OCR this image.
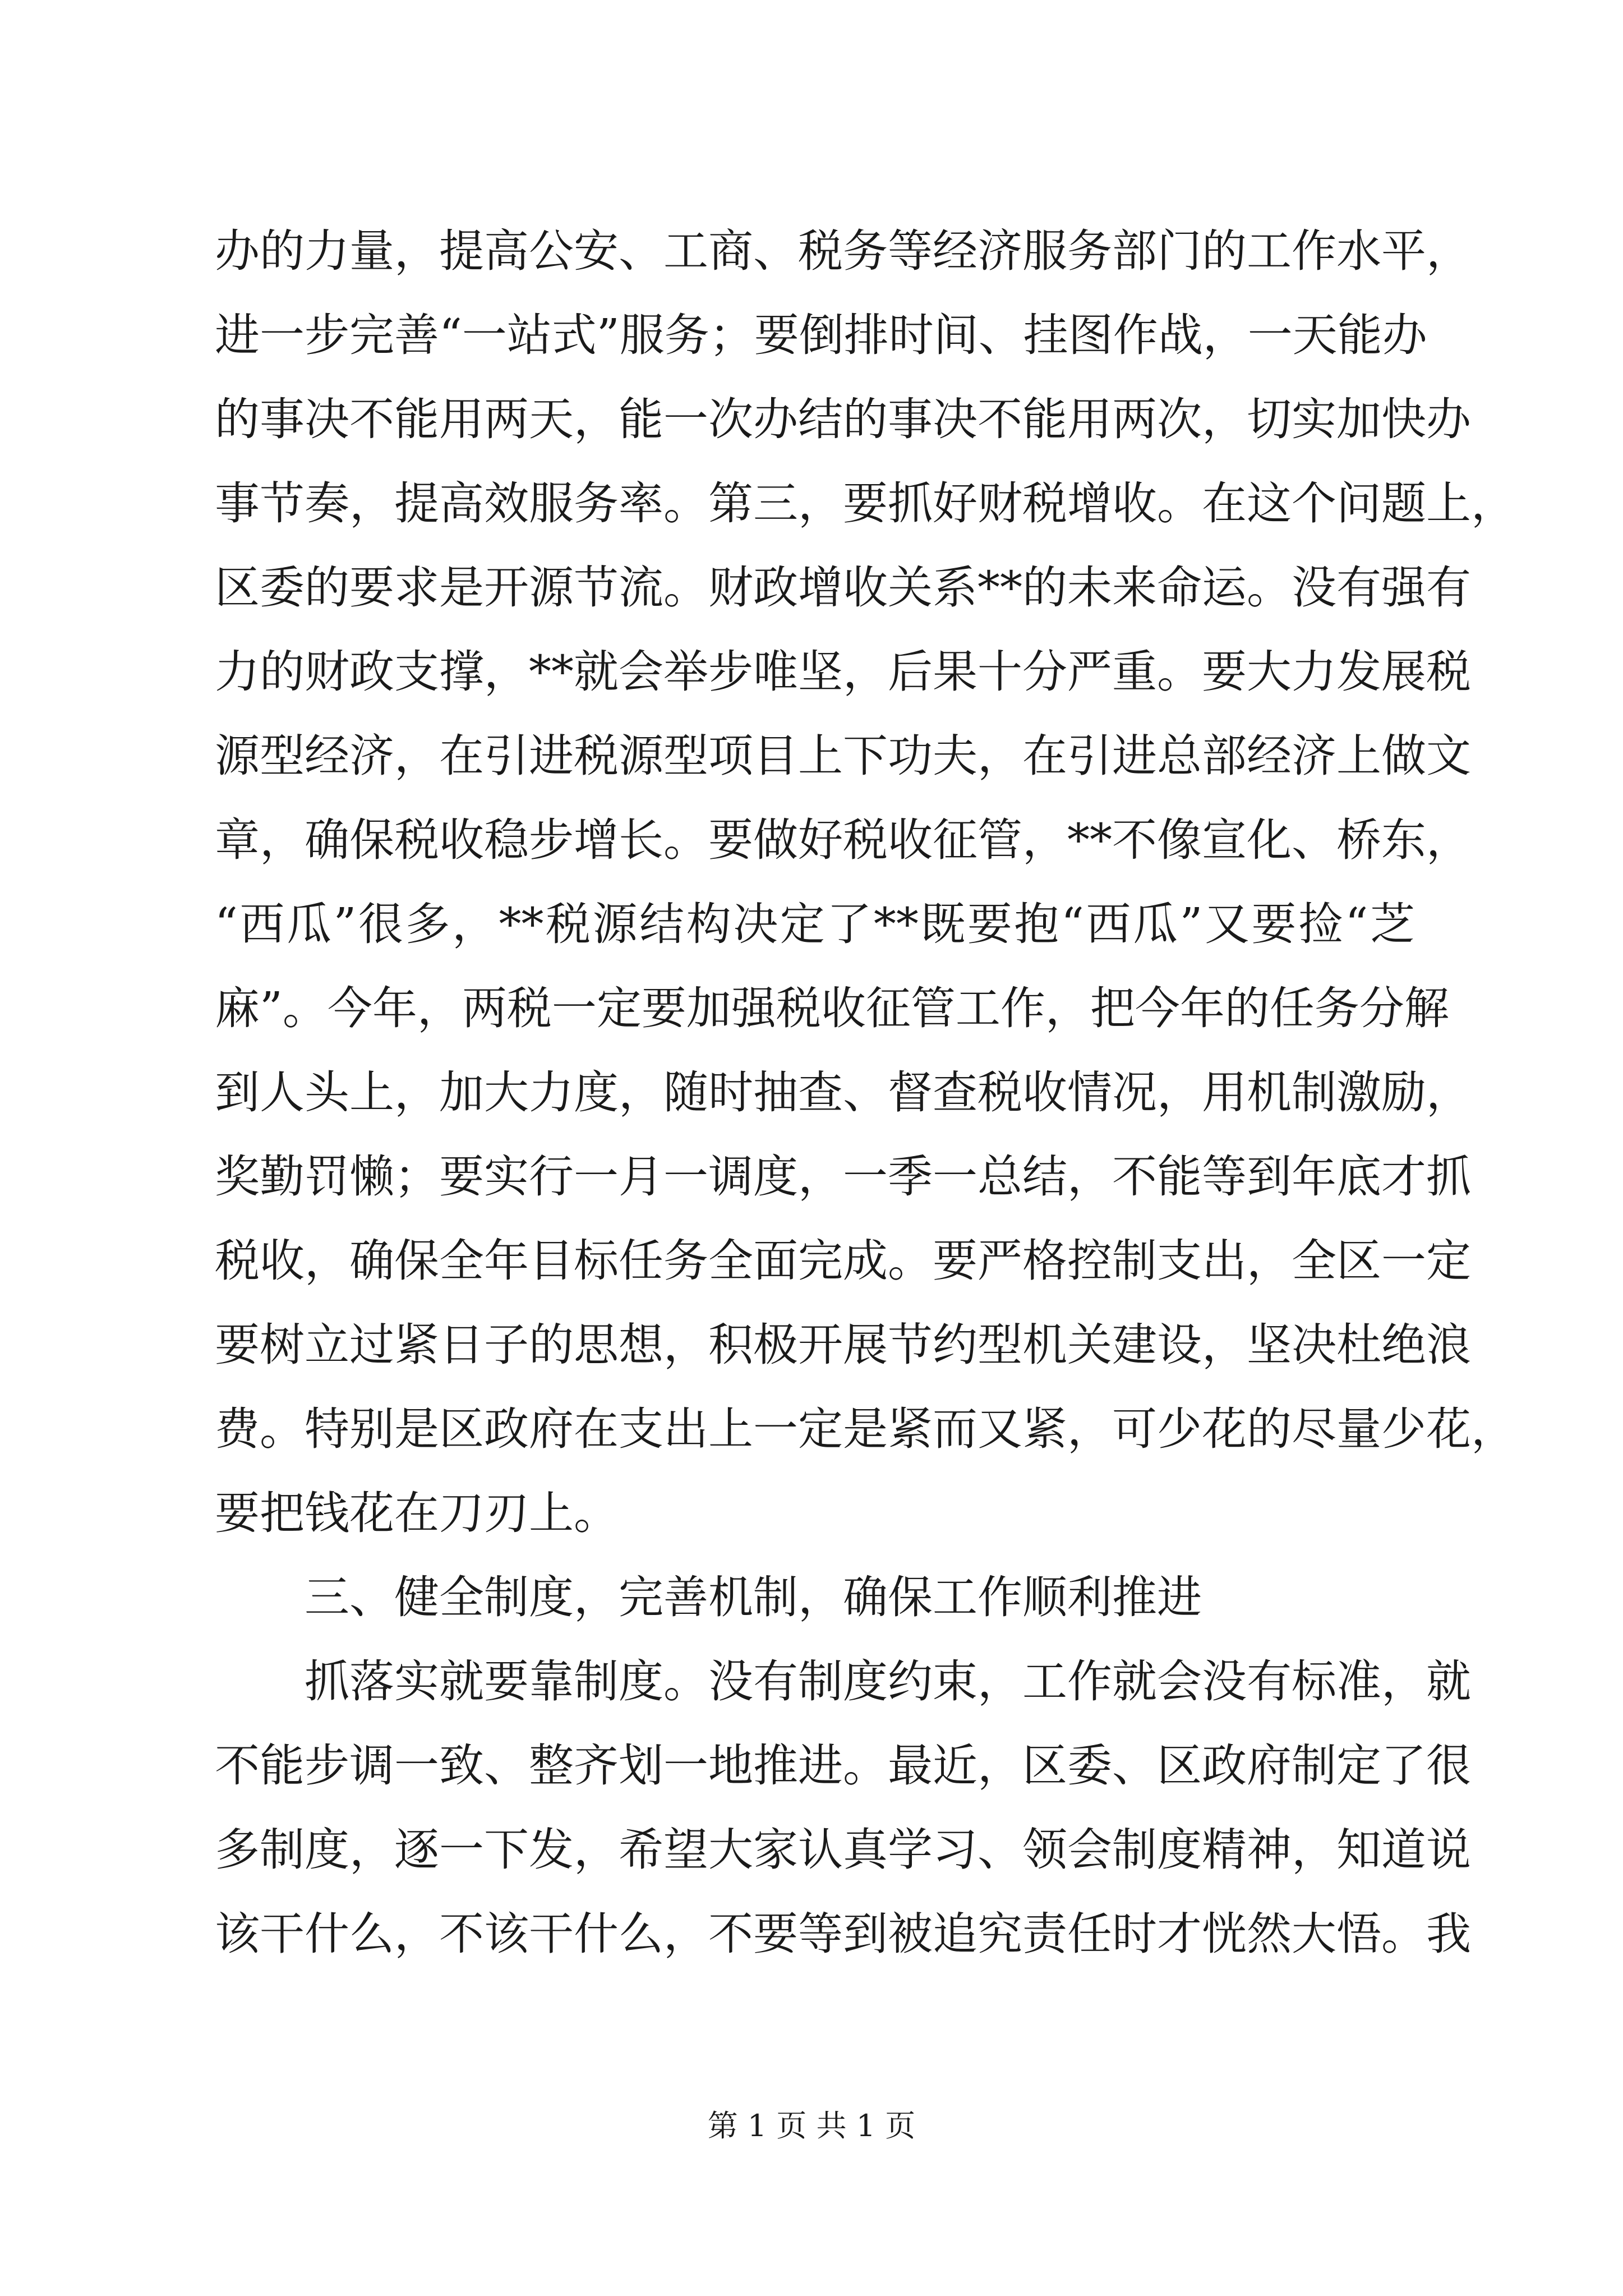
办的力量，提高公安、工商、税务等经济服务部门的工作水平，
进一步完善“一站式”服务；要倒排时间、挂图作战，一天能办
的事决不能用两天，能一次办结的事决不能用两次，切实加快办
事节奏，提高效服务率。第三，要抓好财税增收。在这个问题上，
区委的要求是开源节流。财政增收关系**的未来命运。没有强有
力的财政支撑，**就会举步唯坚，后果十分严重。要大力发展税
源型经济，在引进税源型项目上下功夫，在引进总部经济上做文
章，确保税收稳步增长。要做好税收征管，**不像宣化、桥东，
“西瓜”很多，**税源结构决定了**既要抱“西瓜”又要捡“芝
麻”。今年，两税一定要加强税收征管工作，把今年的任务分解
到人头上，加大力度，随时抽查、督查税收情况，用机制激励，
奖勤罚懒；要实行一月一调度，一季一总结，不能等到年底才抓
税收，确保全年目标任务全面完成。要严格控制支出，全区一定
要树立过紧日子的思想，积极开展节约型机关建设，坚决杜绝浪
费。特别是区政府在支出上一定是紧而又紧，可少花的尽量少花，
要把钱花在刀刃上。
三、健全制度，完善机制，确保工作顺利推进
抓落实就要靠制度。没有制度约束，工作就会没有标准，就
不能步调一致、整齐划一地推进。最近，区委、区政府制定了很
多制度，逐一下发，希望大家认真学习、领会制度精神，知道说
该干什么，不该干什么，不要等到被追究责任时才恍然大悟。我
第 1 页 共 1 页
